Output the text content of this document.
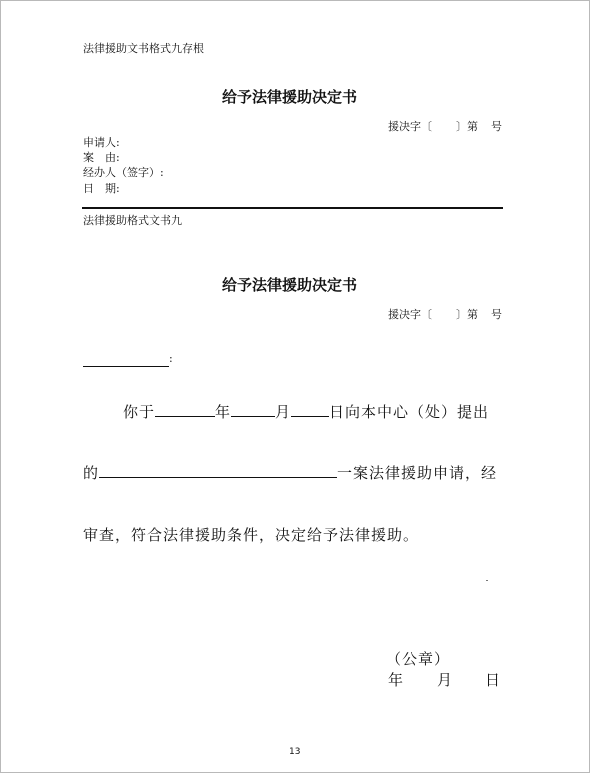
法律援助文书格式九存根
给予法律援助决定书
援决字〔 〕第 号
申请人:
案　由:
经办人（签字）:
日　期:
法律援助格式文书九
给予法律援助决定书
援决字〔 〕第 号
:
你于	年	月	日向本中心（处）提出
的	一案法律援助申请，经
审查，符合法律援助条件，决定给予法律援助。
（公章）
年 月 日
13
